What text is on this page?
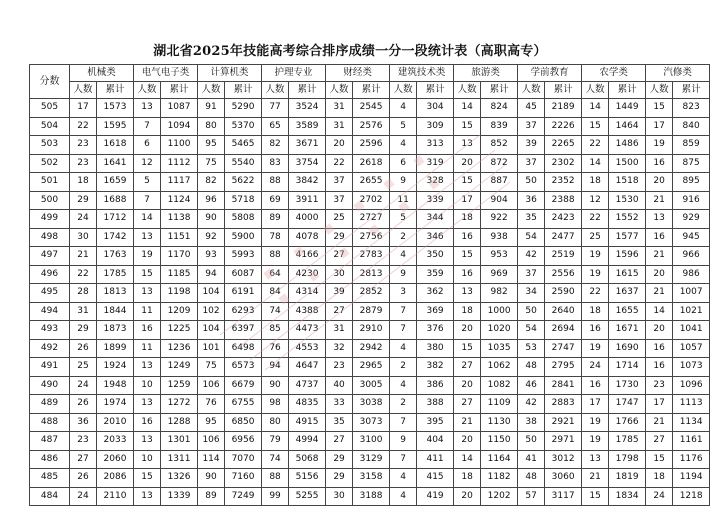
湖北省2025年技能高考综合排序成绩一分一段统计表（高职高专）
分数	机械类		电气电子类		计算机类		护理专业		财经类		建筑技术类		旅游类		学前教育		农学类		汽修类	
	人数	累计	人数	累计	人数	累计	人数	累计	人数	累计	人数	累计	人数	累计	人数	累计	人数	累计	人数	累计
505	17	1573	13	1087	91	5290	77	3524	31	2545	4	304	14	824	45	2189	14	1449	15	823
504	22	1595	7	1094	80	5370	65	3589	31	2576	5	309	15	839	37	2226	15	1464	17	840
503	23	1618	6	1100	95	5465	82	3671	20	2596	4	313	13	852	39	2265	22	1486	19	859
502	23	1641	12	1112	75	5540	83	3754	22	2618	6	319	20	872	37	2302	14	1500	16	875
501	18	1659	5	1117	82	5622	88	3842	37	2655	9	328	15	887	50	2352	18	1518	20	895
500	29	1688	7	1124	96	5718	69	3911	37	2702	11	339	17	904	36	2388	12	1530	21	916
499	24	1712	14	1138	90	5808	89	4000	25	2727	5	344	18	922	35	2423	22	1552	13	929
498	30	1742	13	1151	92	5900	78	4078	29	2756	2	346	16	938	54	2477	25	1577	16	945
497	21	1763	19	1170	93	5993	88	4166	27	2783	4	350	15	953	42	2519	19	1596	21	966
496	22	1785	15	1185	94	6087	64	4230	30	2813	9	359	16	969	37	2556	19	1615	20	986
495	28	1813	13	1198	104	6191	84	4314	39	2852	3	362	13	982	34	2590	22	1637	21	1007
494	31	1844	11	1209	102	6293	74	4388	27	2879	7	369	18	1000	50	2640	18	1655	14	1021
493	29	1873	16	1225	104	6397	85	4473	31	2910	7	376	20	1020	54	2694	16	1671	20	1041
492	26	1899	11	1236	101	6498	76	4553	32	2942	4	380	15	1035	53	2747	19	1690	16	1057
491	25	1924	13	1249	75	6573	94	4647	23	2965	2	382	27	1062	48	2795	24	1714	16	1073
490	24	1948	10	1259	106	6679	90	4737	40	3005	4	386	20	1082	46	2841	16	1730	23	1096
489	26	1974	13	1272	76	6755	98	4835	33	3038	2	388	27	1109	42	2883	17	1747	17	1113
488	36	2010	16	1288	95	6850	80	4915	35	3073	7	395	21	1130	38	2921	19	1766	21	1134
487	23	2033	13	1301	106	6956	79	4994	27	3100	9	404	20	1150	50	2971	19	1785	27	1161
486	27	2060	10	1311	114	7070	74	5068	29	3129	7	411	14	1164	41	3012	13	1798	15	1176
485	26	2086	15	1326	90	7160	88	5156	29	3158	4	415	18	1182	48	3060	21	1819	18	1194
484	24	2110	13	1339	89	7249	99	5255	30	3188	4	419	20	1202	57	3117	15	1834	24	1218
